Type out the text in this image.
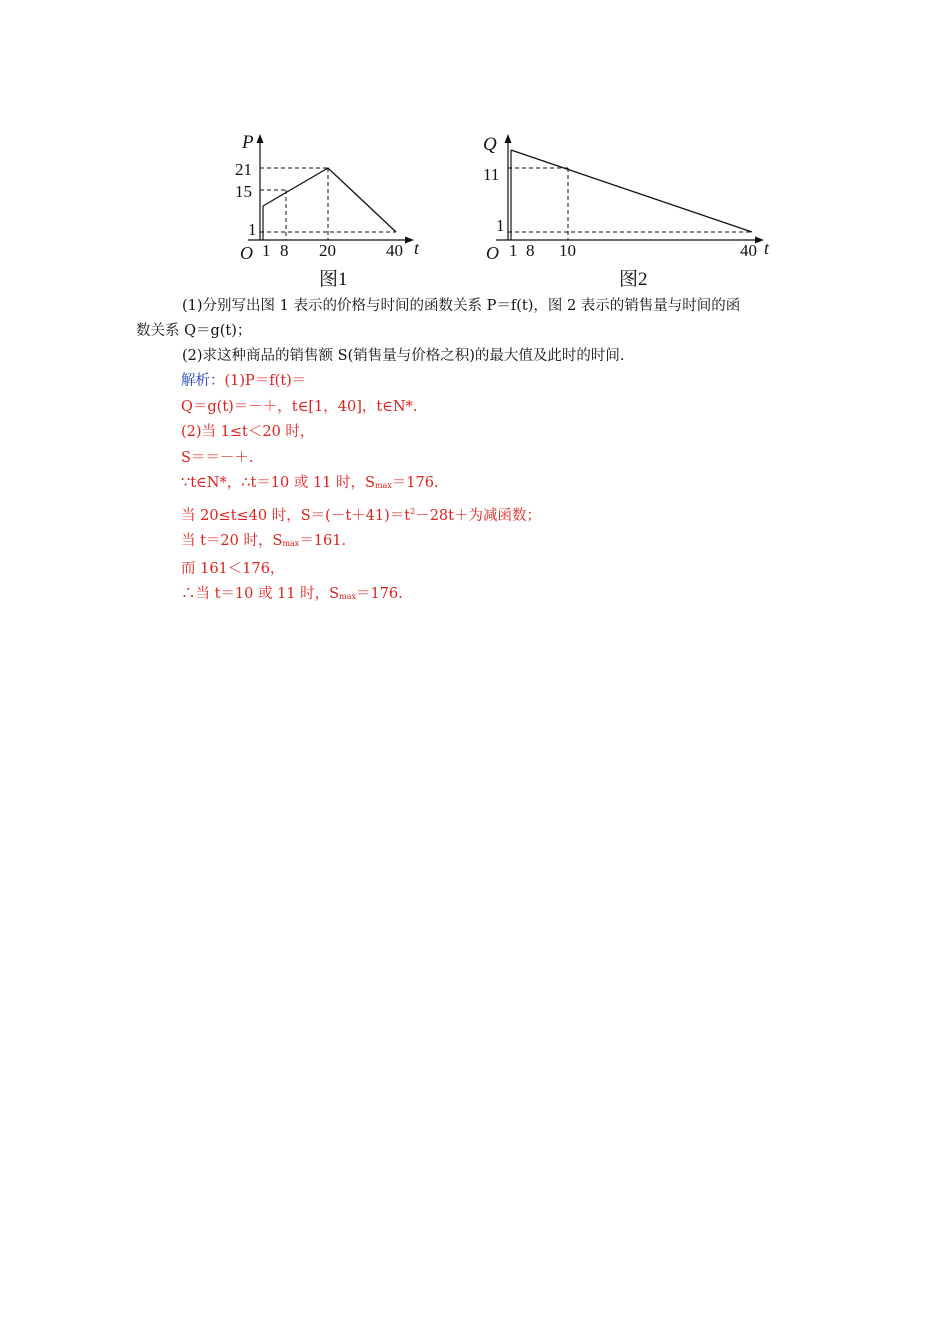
P
21
15
1
O 1 8 20	40 t
图1
Q
11
1
O 1 8 10	40 t
图2

(1)分别写出图 1 表示的价格与时间的函数关系 P＝f(t)，图 2 表示的销售量与时间的函

数关系 Q＝g(t)；

(2)求这种商品的销售额 S(销售量与价格之积)的最大值及此时的时间.

解析：(1)P＝f(t)＝

Q＝g(t)＝－＋，t∈[1，40]，t∈N*.

(2)当 1≤t＜20 时，

S＝＝－＋.

∵t∈N*，∴t＝10 或 11 时，$S_{max}=176$.

当 20≤t≤40 时，$S=(-t+41)=t^2-28t+$为减函数；

当 t＝20 时，$S_{max}=161$.

而 161＜176，

∴当 t＝10 或 11 时，$S_{max}=176$.
